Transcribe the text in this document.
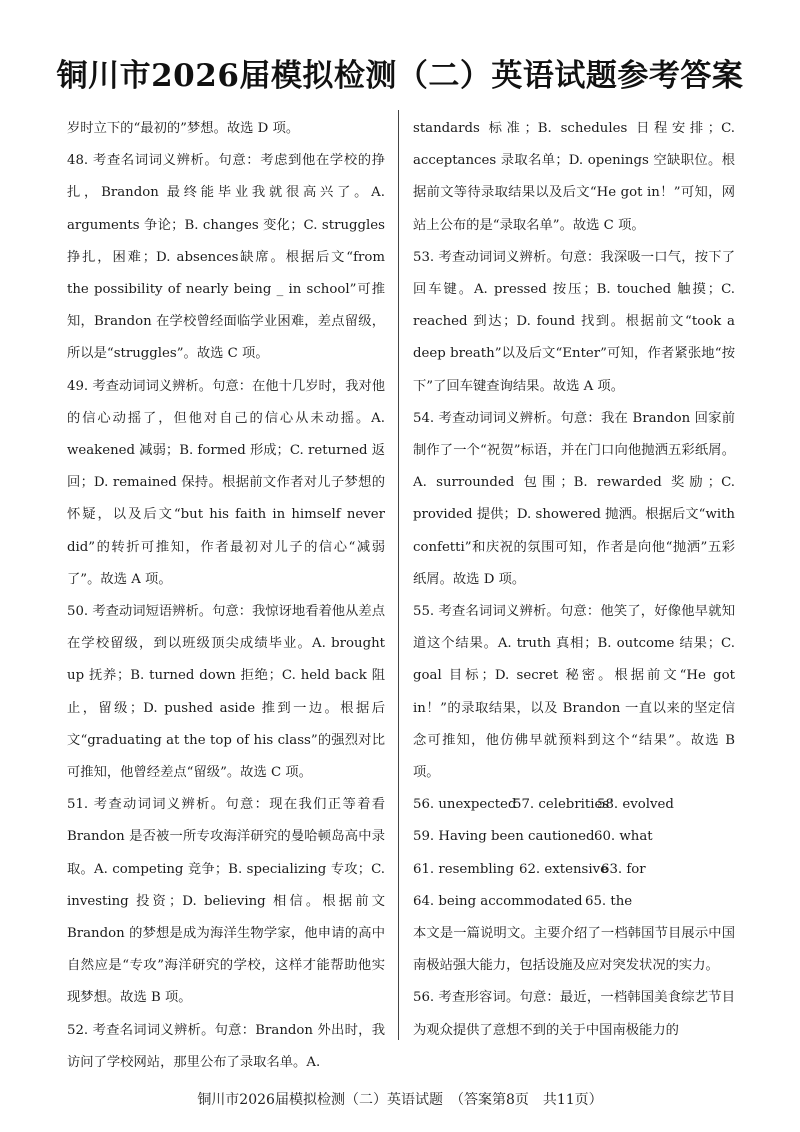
铜川市2026届模拟检测（二）英语试题参考答案

岁时立下的“最初的”梦想。故选 D 项。

48. 考查名词词义辨析。句意：考虑到他在学校的挣扎，Brandon 最终能毕业我就很高兴了。A. arguments 争论；B. changes 变化；C. struggles 挣扎，困难；D. absences缺席。根据后文“from the possibility of nearly being _ in school”可推知，Brandon 在学校曾经面临学业困难，差点留级，所以是“struggles”。故选 C 项。

49. 考查动词词义辨析。句意：在他十几岁时，我对他的信心动摇了，但他对自己的信心从未动摇。A. weakened 减弱；B. formed 形成；C. returned 返回；D. remained 保持。根据前文作者对儿子梦想的怀疑，以及后文“but his faith in himself never did”的转折可推知，作者最初对儿子的信心“减弱了”。故选 A 项。

50. 考查动词短语辨析。句意：我惊讶地看着他从差点在学校留级，到以班级顶尖成绩毕业。A. brought up 抚养；B. turned down 拒绝；C. held back 阻止，留级；D. pushed aside 推到一边。根据后文“graduating at the top of his class”的强烈对比可推知，他曾经差点“留级”。故选 C 项。

51. 考查动词词义辨析。句意：现在我们正等着看 Brandon 是否被一所专攻海洋研究的曼哈顿岛高中录取。A. competing 竞争；B. specializing 专攻；C. investing 投资；D. believing 相信。根据前文 Brandon 的梦想是成为海洋生物学家，他申请的高中自然应是“专攻”海洋研究的学校，这样才能帮助他实现梦想。故选 B 项。

52. 考查名词词义辨析。句意：Brandon 外出时，我访问了学校网站，那里公布了录取名单。A.

standards 标准；B. schedules 日程安排；C. acceptances 录取名单；D. openings 空缺职位。根据前文等待录取结果以及后文“He got in！”可知，网站上公布的是“录取名单”。故选 C 项。

53. 考查动词词义辨析。句意：我深吸一口气，按下了回车键。A. pressed 按压；B. touched 触摸；C. reached 到达；D. found 找到。根据前文“took a deep breath”以及后文“Enter”可知，作者紧张地“按下”了回车键查询结果。故选 A 项。

54. 考查动词词义辨析。句意：我在 Brandon 回家前制作了一个“祝贺”标语，并在门口向他抛洒五彩纸屑。A. surrounded 包围；B. rewarded 奖励；C. provided 提供；D. showered 抛洒。根据后文“with confetti”和庆祝的氛围可知，作者是向他“抛洒”五彩纸屑。故选 D 项。

55. 考查名词词义辨析。句意：他笑了，好像他早就知道这个结果。A. truth 真相；B. outcome 结果；C. goal 目标；D. secret 秘密。根据前文“He got in！”的录取结果，以及 Brandon 一直以来的坚定信念可推知，他仿佛早就预料到这个“结果”。故选 B 项。

56. unexpected
57. celebrities’
58. evolved
59. Having been cautioned 60. what
61. resembling 62. extensive
63. for
64. being accommodated 65. the

本文是一篇说明文。主要介绍了一档韩国节目展示中国南极站强大能力，包括设施及应对突发状况的实力。

56. 考查形容词。句意：最近，一档韩国美食综艺节目为观众提供了意想不到的关于中国南极能力的

铜川市2026届模拟检测（二）英语试题　（答案第8页　共11页）
